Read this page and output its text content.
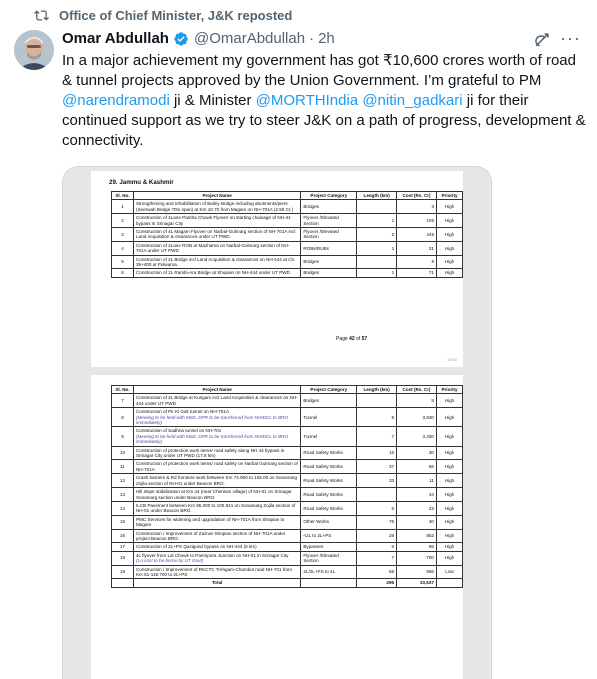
Office of Chief Minister, J&K reposted
Omar Abdullah @OmarAbdullah · 2h	···

In a major achievement my government has got ₹10,600 crores worth of road & tunnel projects approved by the Union Government. I’m grateful to PM @narendramodi ji & Minister @MORTHIndia @nitin_gadkari ji for their continued support as we try to steer J&K on a path of progress, development & connectivity.

29. Jammu & Kashmir
Sl. No.	Project Name	Project Category	Length (km)	Cost (Rs. Cr)	Priority
1	Strengthening and rehabilitation of Bailey Bridge including abutments/piers (Seerwah Bridge 70m span) at Km 10.70 from Magam on NH-701A (2.50 Cr.)	Bridges		3	High
2	Construction of 4Lane Pantha Chowk Flyover on starting chainage of NH-44 bypass in Srinagar City	Flyover /Elevated Section	1	105	High
3	Construction of 4L Magam Flyover on Narbal-Gulmarg section of NH-701A incl Land Acquisition & clearances under UT PWD.	Flyover /Elevated Section	2	445	High
4	Construction of 2Lane ROB at Mazhama on Narbal-Gulmarg section of NH-701A under UT PWD	ROBs/RUBs	1	21	High
5	Construction of 2L Bridge incl Land Acquisition & clearances on NH-444 at Ch. 35+400 at Pulwama.	Bridges		8	High
6	Construction of 2L Rambi-Ara Bridge at Shopian on NH-444 under UT PWD	Bridges	1	71	High
Page 42 of 57
42/58
Sl. No.	Project Name	Project Category	Length (km)	Cost (Rs. Cr)	Priority
7	Construction of 2L Bridge at Kurigam incl Land Acquisition & clearances on NH-444 under UT PWD	Bridges		8	High
8	Construction of Pir Ki Gali tunnel on NH-701A
(Meeting to be held with MoD. DPR to be transferred from NHIDCL to BRO immediately)	Tunnel	9	3,830	High
9	Construction of Sadhna tunnel on NH-701
(Meeting to be held with MoD. DPR to be transferred from NHIDCL to BRO immediately)	Tunnel	7	3,330	High
10	Construction of protection work items/ road safety along NH 44 bypass in Srinagar City under UT PWD (17.8 km)	Road Safety Works	16	30	High
11	Construction of protection work items/ road safety on Narbal Gulmarg section of NH-701A	Road Safety Works	37	66	High
12	Crash barriers & Rd furniture work between Km 74.900 to 108.00 on Sonamarg Zojila section of NH-01 under Beacon BRO.	Road Safety Works	33	11	High
13	Hill slope stabilization at Km 44 (near Cherwan village) of NH-01 on Srinagar Sonamarg section under Beacon BRO.	Road Safety Works		44	High
14	ILCB Pavement between Km 95.000 to 100.841 on Sonamarg Zojila section of NH-01 under Beacon BRO.	Road Safety Works	6	23	High
15	PMC Services for widening and upgradation of NH-701A from Shopian to Magam	Other Works	75	30	High
16	Construction / Improvement of Zaznar-Shopian section of NH-701A under project Beacon BRO.	<2L to 2L+PS	28	852	High
17	Construction of 2L+PS Qazigund bypass on NH-444 (5 km)	Bypasses	5	95	High
18	4L flyover from Lal Chowk to Parimpora Junction on NH-01 in Srinagar City
(LA cost to be borne by UT Govt)	Flyover /Elevated Section	7	700	High
19	Construction / Improvement of RKCTC Trehgam-Chamkot road NH-701 from Km 51-119.700 to 2L+PS	2L/2L+PS to 4L	68	966	Low
	Total		296	10,637	
